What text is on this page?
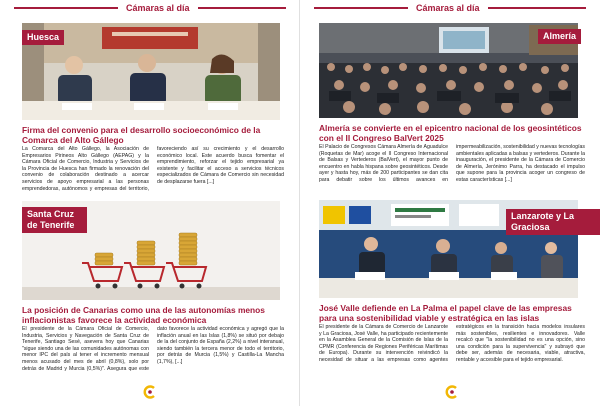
Cámaras al día
Huesca
Firma del convenio para el desarrollo socioeconómico de la Comarca del Alto Gállego

La Comarca del Alto Gállego, la Asociación de Empresarios Pirineos Alto Gállego (AEPAG) y la Cámara Oficial de Comercio, Industria y Servicios de la Provincia de Huesca han firmado la renovación del convenio de colaboración destinado a acercar servicios de apoyo empresarial a las personas emprendedoras, autónomos y empresas del territorio, favoreciendo así su crecimiento y el desarrollo económico local. Este acuerdo busca fomentar el emprendimiento, reforzar el tejido empresarial ya existente y facilitar el acceso a servicios técnicos especializados de Cámara de Comercio sin necesidad de desplazarse fuera [...]

Santa Cruz de Tenerife
La posición de Canarias como una de las autonomías menos inflacionistas favorece la actividad económica

El presidente de la Cámara Oficial de Comercio, Industria, Servicios y Navegación de Santa Cruz de Tenerife, Santiago Sesé, asevera hoy que Canarias "sigue siendo una de las comunidades autónomas con menor IPC del país al tener el incremento mensual menos acusado del mes de abril (0,8%), solo por detrás de Madrid y Murcia (0,5%)". Asegura que este dato favorece la actividad económica y agregó que la inflación anual en las Islas (1,8%) se situó por debajo de la del conjunto de España (2,2%) a nivel interanual, siendo también la tercera menor de todo el territorio, por detrás de Murcia (1,5%) y Castilla-La Mancha (1,7%), [...]

Cámaras al día
Almería
Almería se convierte en el epicentro nacional de los geosintéticos con el II Congreso BalVert 2025

El Palacio de Congresos Cámara Almería de Aguadulce (Roquetas de Mar) acoge el II Congreso Internacional de Balsas y Vertederos (BalVert), el mayor punto de encuentro en habla hispana sobre geosintéticos. Desde ayer y hasta hoy, más de 200 participantes se dan cita para debatir sobre los últimos avances en impermeabilización, sostenibilidad y nuevas tecnologías ambientales aplicadas a balsas y vertederos. Durante la inauguración, el presidente de la Cámara de Comercio de Almería, Jerónimo Parra, ha destacado el impulso que supone para la provincia acoger un congreso de estas características [...]

Lanzarote y La Graciosa
José Valle defiende en La Palma el papel clave de las empresas para una sostenibilidad viable y estratégica en las islas

El presidente de la Cámara de Comercio de Lanzarote y La Graciosa, José Valle, ha participado recientemente en la Asamblea General de la Comisión de Islas de la CPMR (Conferencia de Regiones Periféricas Marítimas de Europa). Durante su intervención reivindicó la necesidad de situar a las empresas como agentes estratégicos en la transición hacia modelos insulares más sostenibles, resilientes e innovadores. Valle recalcó que "la sostenibilidad no es una opción, sino una condición para la supervivencia" y subrayó que debe ser, además de necesaria, viable, atractiva, rentable y accesible para el tejido empresarial.
